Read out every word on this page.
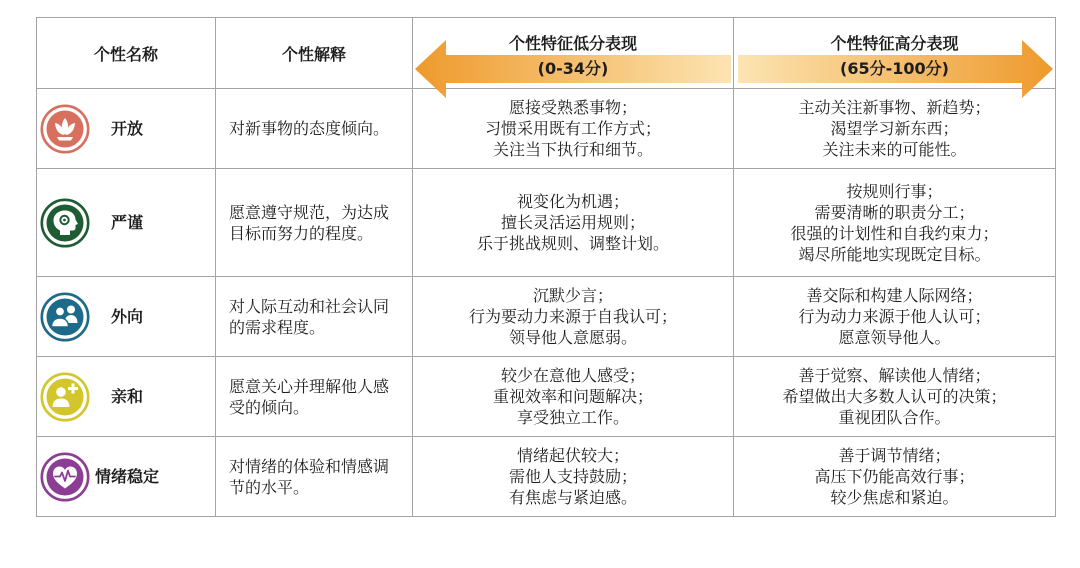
个性名称	个性解释
个性特征低分表现
(0-34分)
个性特征高分表现
(65分-100分)
开放	对新事物的态度倾向。
愿接受熟悉事物；
习惯采用既有工作方式；
关注当下执行和细节。
主动关注新事物、新趋势；
渴望学习新东西；
关注未来的可能性。
严谨
愿意遵守规范，为达成
目标而努力的程度。
视变化为机遇；
擅长灵活运用规则；
乐于挑战规则、调整计划。
按规则行事；
需要清晰的职责分工；
很强的计划性和自我约束力；
竭尽所能地实现既定目标。
外向
对人际互动和社会认同
的需求程度。
沉默少言；
行为要动力来源于自我认可；
领导他人意愿弱。
善交际和构建人际网络；
行为动力来源于他人认可；
愿意领导他人。
亲和
愿意关心并理解他人感
受的倾向。
较少在意他人感受；
重视效率和问题解决；
享受独立工作。
善于觉察、解读他人情绪；
希望做出大多数人认可的决策；
重视团队合作。
情绪稳定
对情绪的体验和情感调
节的水平。
情绪起伏较大；
需他人支持鼓励；
有焦虑与紧迫感。
善于调节情绪；
高压下仍能高效行事；
较少焦虑和紧迫。
